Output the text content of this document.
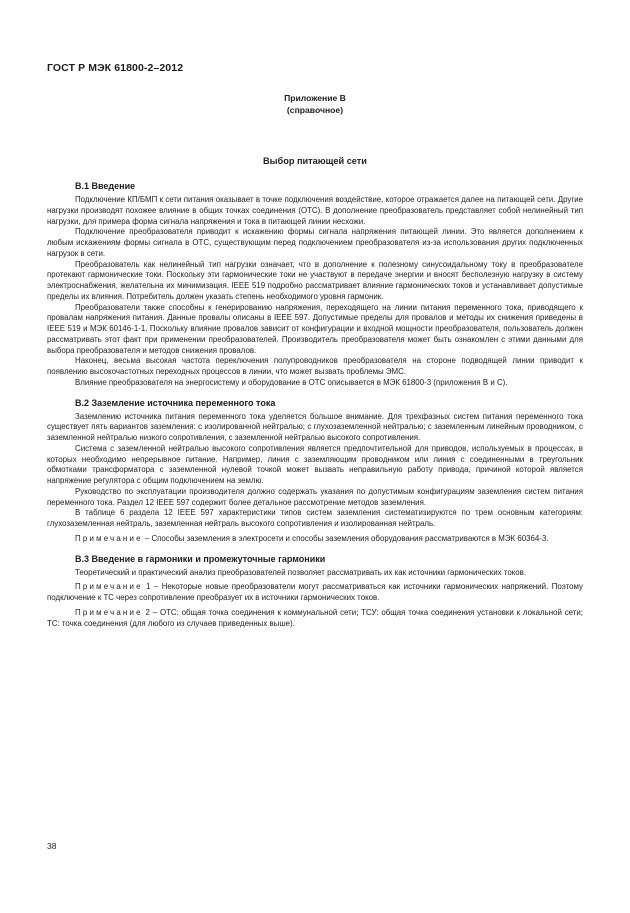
ГОСТ Р МЭК 61800-2–2012
Приложение В
(справочное)
Выбор питающей сети
В.1 Введение

Подключение КП/БМП к сети питания оказывает в точке подключения воздействие, которое отражается далее на питающей сети. Другие нагрузки производят похожее влияние в общих точках соединения (ОТС). В дополнение преобразователь представляет собой нелинейный тип нагрузки, для примера форма сигнала напряжения и тока в питающей линии несхожи.

Подключение преобразователя приводит к искажению формы сигнала напряжения питающей линии. Это является дополнением к любым искажениям формы сигнала в ОТС, существующим перед подключением преобразователя из-за использования других подключенных нагрузок в сети.

Преобразователь как нелинейный тип нагрузки означает, что в дополнение к полезному синусоидальному току в преобразователе протекают гармонические токи. Поскольку эти гармонические токи не участвуют в передаче энергии и вносят бесполезную нагрузку в систему электроснабжения, желательна их минимизация. IEEE 519 подробно рассматривает влияние гармонических токов и устанавливает допустимые пределы их влияния. Потребитель должен указать степень необходимого уровня гармоник.

Преобразователи также способны к генерированию напряжения, переходящего на линии питания переменного тока, приводящего к провалам напряжения питания. Данные провалы описаны в IEEE 597. Допустимые пределы для провалов и методы их снижения приведены в IEEE 519 и МЭК 60146-1-1. Поскольку влияние провалов зависит от конфигурации и входной мощности преобразователя, пользователь должен рассматривать этот факт при применении преобразователей. Производитель преобразователя может быть ознакомлен с этими данными для выбора преобразователя и методов снижения провалов.

Наконец, весьма высокая частота переключения полупроводников преобразователя на стороне подводящей линии приводит к появлению высокочастотных переходных процессов в линии, что может вызвать проблемы ЭМС.

Влияние преобразователя на энергосистему и оборудование в ОТС описывается в МЭК 61800-3 (приложения В и С).

В.2 Заземление источника переменного тока

Заземлению источника питания переменного тока уделяется большое внимание. Для трехфазных систем питания переменного тока существует пять вариантов заземления: с изолированной нейтралью; с глухозаземленной нейтралью; с заземленным линейным проводником, с заземленной нейтралью низкого сопротивления, с заземленной нейтралью высокого сопротивления.

Система с заземленной нейтралью высокого сопротивления является предпочтительной для приводов, используемых в процессах, в которых необходимо непрерывное питание. Например, линия с заземляющим проводником или линия с соединенными в треугольник обмотками трансформатора с заземленной нулевой точкой может вызвать неправильную работу привода, причиной которой является напряжение регулятора с общим подключением на землю.

Руководство по эксплуатации производителя должно содержать указания по допустимым конфигурациям заземления систем питания переменного тока. Раздел 12 IEEE 597 содержит более детальное рассмотрение методов заземления.

В таблице 6 раздела 12 IEEE 597 характеристики типов систем заземления систематизируются по трем основным категориям: глухозаземленная нейтраль, заземленная нейтраль высокого сопротивления и изолированная нейтраль.

Примечание – Способы заземления в электросети и способы заземления оборудования рассматриваются в МЭК 60364-3.

В.3 Введение в гармоники и промежуточные гармоники

Теоретический и практический анализ преобразователей позволяет рассматривать их как источники гармонических токов.

Примечание 1 – Некоторые новые преобразователи могут рассматриваться как источники гармонических напряжений. Поэтому подключение к ТС через сопротивление преобразует их в источники гармонических токов.

Примечание 2 – ОТС: общая точка соединения к коммунальной сети; ТСУ: общая точка соединения установки к локальной сети; ТС: точка соединения (для любого из случаев приведенных выше).

38
